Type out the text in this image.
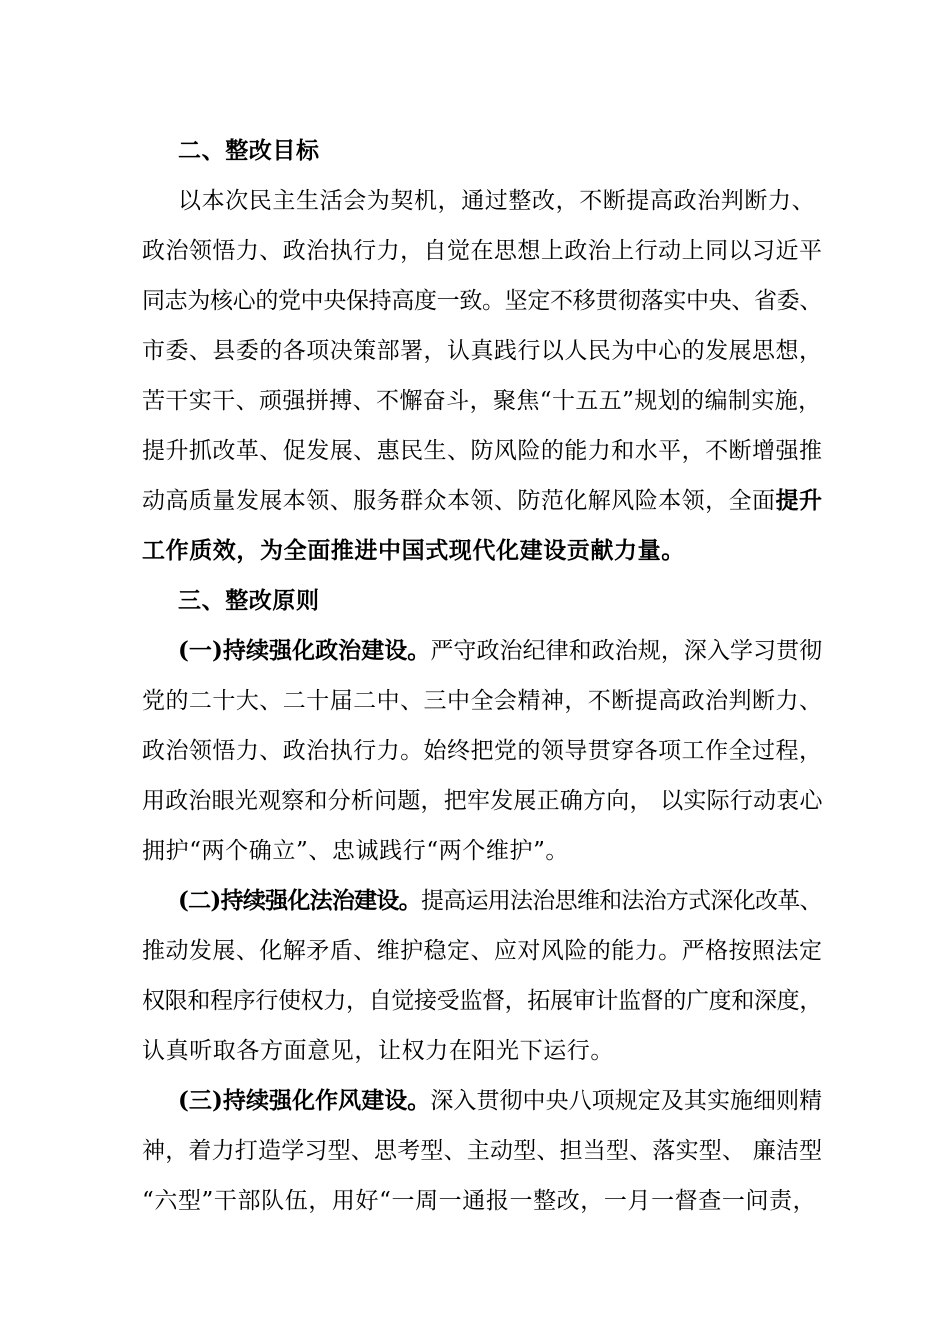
二、整改目标
以本次民主生活会为契机，通过整改，不断提高政治判断力、
政治领悟力、政治执行力，自觉在思想上政治上行动上同以习近平
同志为核心的党中央保持高度一致。坚定不移贯彻落实中央、省委、
市委、县委的各项决策部署，认真践行以人民为中心的发展思想，
苦干实干、顽强拼搏、不懈奋斗，聚焦“十五五”规划的编制实施，
提升抓改革、促发展、惠民生、防风险的能力和水平，不断增强推
动高质量发展本领、服务群众本领、防范化解风险本领，全面提升
工作质效，为全面推进中国式现代化建设贡献力量。
三、整改原则
(一)持续强化政治建设。严守政治纪律和政治规，深入学习贯彻
党的二十大、二十届二中、三中全会精神，不断提高政治判断力、
政治领悟力、政治执行力。始终把党的领导贯穿各项工作全过程，
用政治眼光观察和分析问题，把牢发展正确方向， 以实际行动衷心
拥护“两个确立”、忠诚践行“两个维护”。
(二)持续强化法治建设。提高运用法治思维和法治方式深化改革、
推动发展、化解矛盾、维护稳定、应对风险的能力。严格按照法定
权限和程序行使权力，自觉接受监督，拓展审计监督的广度和深度，
认真听取各方面意见，让权力在阳光下运行。
(三)持续强化作风建设。深入贯彻中央八项规定及其实施细则精
神，着力打造学习型、思考型、主动型、担当型、落实型、 廉洁型
“六型”干部队伍，用好“一周一通报一整改，一月一督查一问责，
